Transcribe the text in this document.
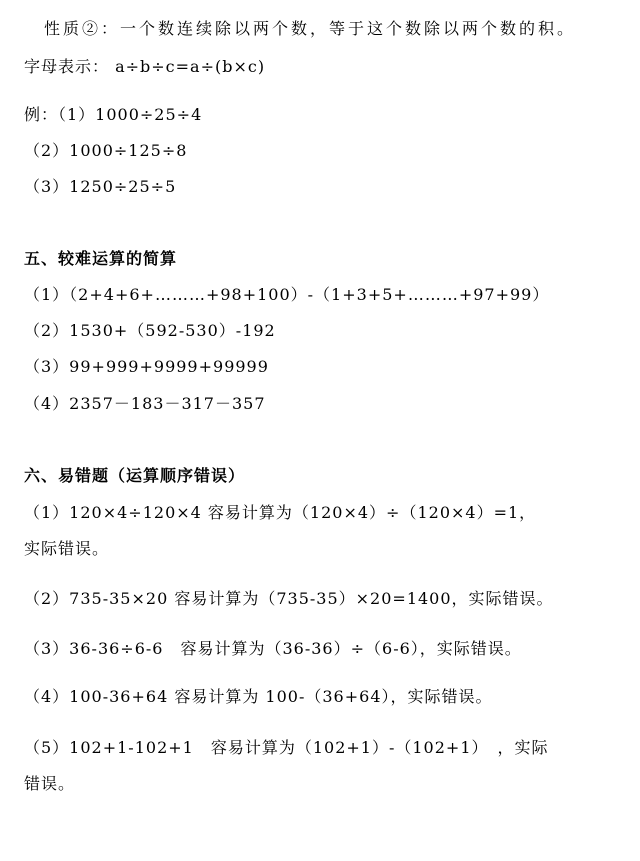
性质②：一个数连续除以两个数，等于这个数除以两个数的积。
字母表示： a÷b÷c=a÷(b×c)
例：（1）1000÷25÷4
（2）1000÷125÷8
（3）1250÷25÷5
五、较难运算的简算
（1）（2+4+6+………+98+100）-（1+3+5+………+97+99）
（2）1530+（592-530）-192
（3）99+999+9999+99999
（4）2357－183－317－357
六、易错题（运算顺序错误）
（1）120×4÷120×4 容易计算为（120×4）÷（120×4）=1，
实际错误。
（2）735-35×20 容易计算为（735-35）×20=1400，实际错误。
（3）36-36÷6-6　容易计算为（36-36）÷（6-6），实际错误。
（4）100-36+64 容易计算为 100-（36+64），实际错误。
（5）102+1-102+1　容易计算为（102+1）-（102+1）　，实际
错误。
